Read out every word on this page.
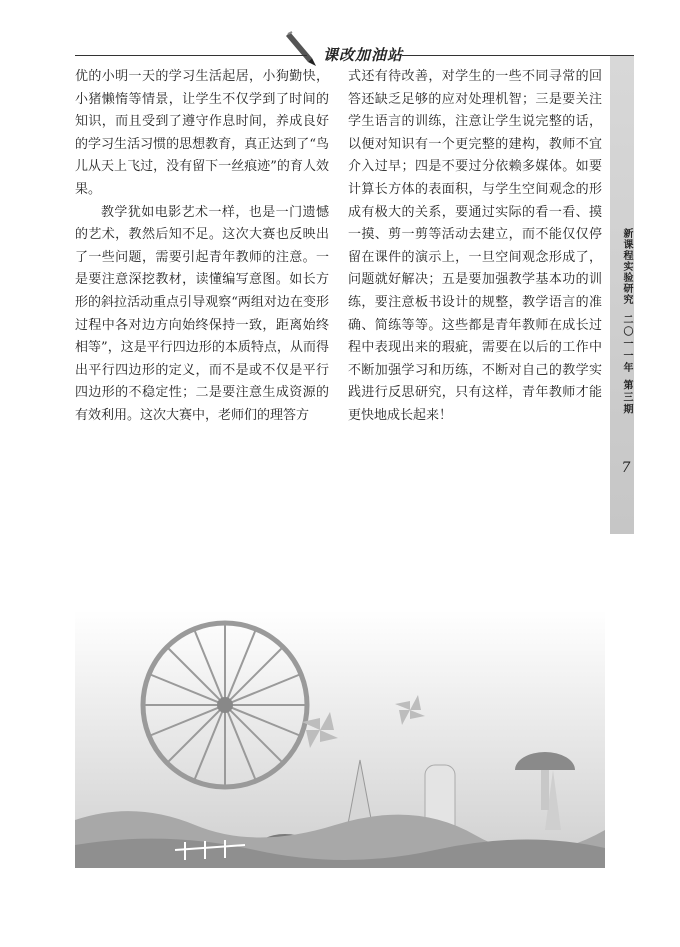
课改加油站

优的小明一天的学习生活起居，小狗勤快，小猪懒惰等情景，让学生不仅学到了时间的知识，而且受到了遵守作息时间，养成良好的学习生活习惯的思想教育，真正达到了“鸟儿从天上飞过，没有留下一丝痕迹”的育人效果。

教学犹如电影艺术一样，也是一门遗憾的艺术，教然后知不足。这次大赛也反映出了一些问题，需要引起青年教师的注意。一是要注意深挖教材，读懂编写意图。如长方形的斜拉活动重点引导观察“两组对边在变形过程中各对边方向始终保持一致，距离始终相等”，这是平行四边形的本质特点，从而得出平行四边形的定义，而不是或不仅是平行四边形的不稳定性；二是要注意生成资源的有效利用。这次大赛中，老师们的理答方

式还有待改善，对学生的一些不同寻常的回答还缺乏足够的应对处理机智；三是要关注学生语言的训练，注意让学生说完整的话，以便对知识有一个更完整的建构，教师不宜介入过早；四是不要过分依赖多媒体。如要计算长方体的表面积，与学生空间观念的形成有极大的关系，要通过实际的看一看、摸一摸、剪一剪等活动去建立，而不能仅仅停留在课件的演示上，一旦空间观念形成了，问题就好解决；五是要加强教学基本功的训练，要注意板书设计的规整，教学语言的准确、简练等等。这些都是青年教师在成长过程中表现出来的瑕疵，需要在以后的工作中不断加强学习和历练，不断对自己的教学实践进行反思研究，只有这样，青年教师才能更快地成长起来！

新课程实验研究
二〇一一年 第三期
7
